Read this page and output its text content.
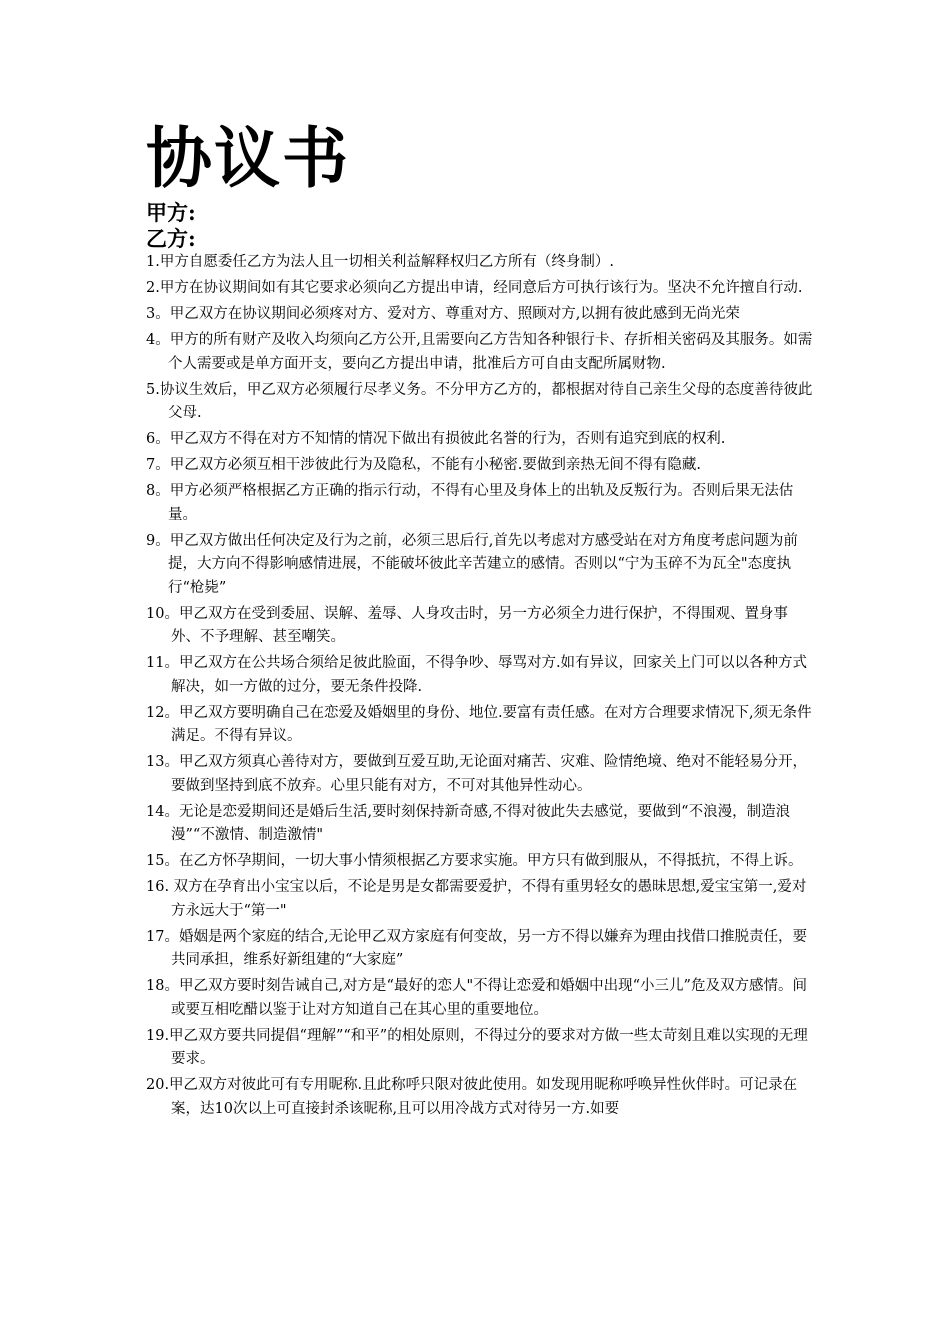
协议书
甲方:
乙方:
1.甲方自愿委任乙方为法人且一切相关利益解释权归乙方所有（终身制）.
2.甲方在协议期间如有其它要求必须向乙方提出申请，经同意后方可执行该行为。坚决不允许擅自行动.
3。甲乙双方在协议期间必须疼对方、爱对方、尊重对方、照顾对方,以拥有彼此感到无尚光荣
4。甲方的所有财产及收入均须向乙方公开,且需要向乙方告知各种银行卡、存折相关密码及其服务。如需个人需要或是单方面开支，要向乙方提出申请，批准后方可自由支配所属财物.
5.协议生效后，甲乙双方必须履行尽孝义务。不分甲方乙方的，都根据对待自己亲生父母的态度善待彼此父母.
6。甲乙双方不得在对方不知情的情况下做出有损彼此名誉的行为，否则有追究到底的权利.
7。甲乙双方必须互相干涉彼此行为及隐私，不能有小秘密.要做到亲热无间不得有隐藏.
8。甲方必须严格根据乙方正确的指示行动，不得有心里及身体上的出轨及反叛行为。否则后果无法估量。
9。甲乙双方做出任何决定及行为之前，必须三思后行,首先以考虑对方感受站在对方角度考虑问题为前提，大方向不得影响感情进展，不能破坏彼此辛苦建立的感情。否则以“宁为玉碎不为瓦全"态度执行“枪毙”
10。甲乙双方在受到委屈、误解、羞辱、人身攻击时，另一方必须全力进行保护，不得围观、置身事外、不予理解、甚至嘲笑。
11。甲乙双方在公共场合须给足彼此脸面，不得争吵、辱骂对方.如有异议，回家关上门可以以各种方式解决，如一方做的过分，要无条件投降.
12。甲乙双方要明确自己在恋爱及婚姻里的身份、地位.要富有责任感。在对方合理要求情况下,须无条件满足。不得有异议。
13。甲乙双方须真心善待对方，要做到互爱互助,无论面对痛苦、灾难、险情绝境、绝对不能轻易分开，要做到坚持到底不放弃。心里只能有对方，不可对其他异性动心。
14。无论是恋爱期间还是婚后生活,要时刻保持新奇感,不得对彼此失去感觉，要做到“不浪漫，制造浪漫”“不激情、制造激情"
15。在乙方怀孕期间，一切大事小情须根据乙方要求实施。甲方只有做到服从，不得抵抗，不得上诉。
16. 双方在孕育出小宝宝以后，不论是男是女都需要爱护，不得有重男轻女的愚昧思想,爱宝宝第一,爱对方永远大于“第一"
17。婚姻是两个家庭的结合,无论甲乙双方家庭有何变故，另一方不得以嫌弃为理由找借口推脱责任，要共同承担，维系好新组建的“大家庭”
18。甲乙双方要时刻告诫自己,对方是“最好的恋人"不得让恋爱和婚姻中出现“小三儿”危及双方感情。间或要互相吃醋以鉴于让对方知道自己在其心里的重要地位。
19.甲乙双方要共同提倡“理解”“和平”的相处原则，不得过分的要求对方做一些太苛刻且难以实现的无理要求。
20.甲乙双方对彼此可有专用昵称.且此称呼只限对彼此使用。如发现用昵称呼唤异性伙伴时。可记录在案，达10次以上可直接封杀该昵称,且可以用冷战方式对待另一方.如要
